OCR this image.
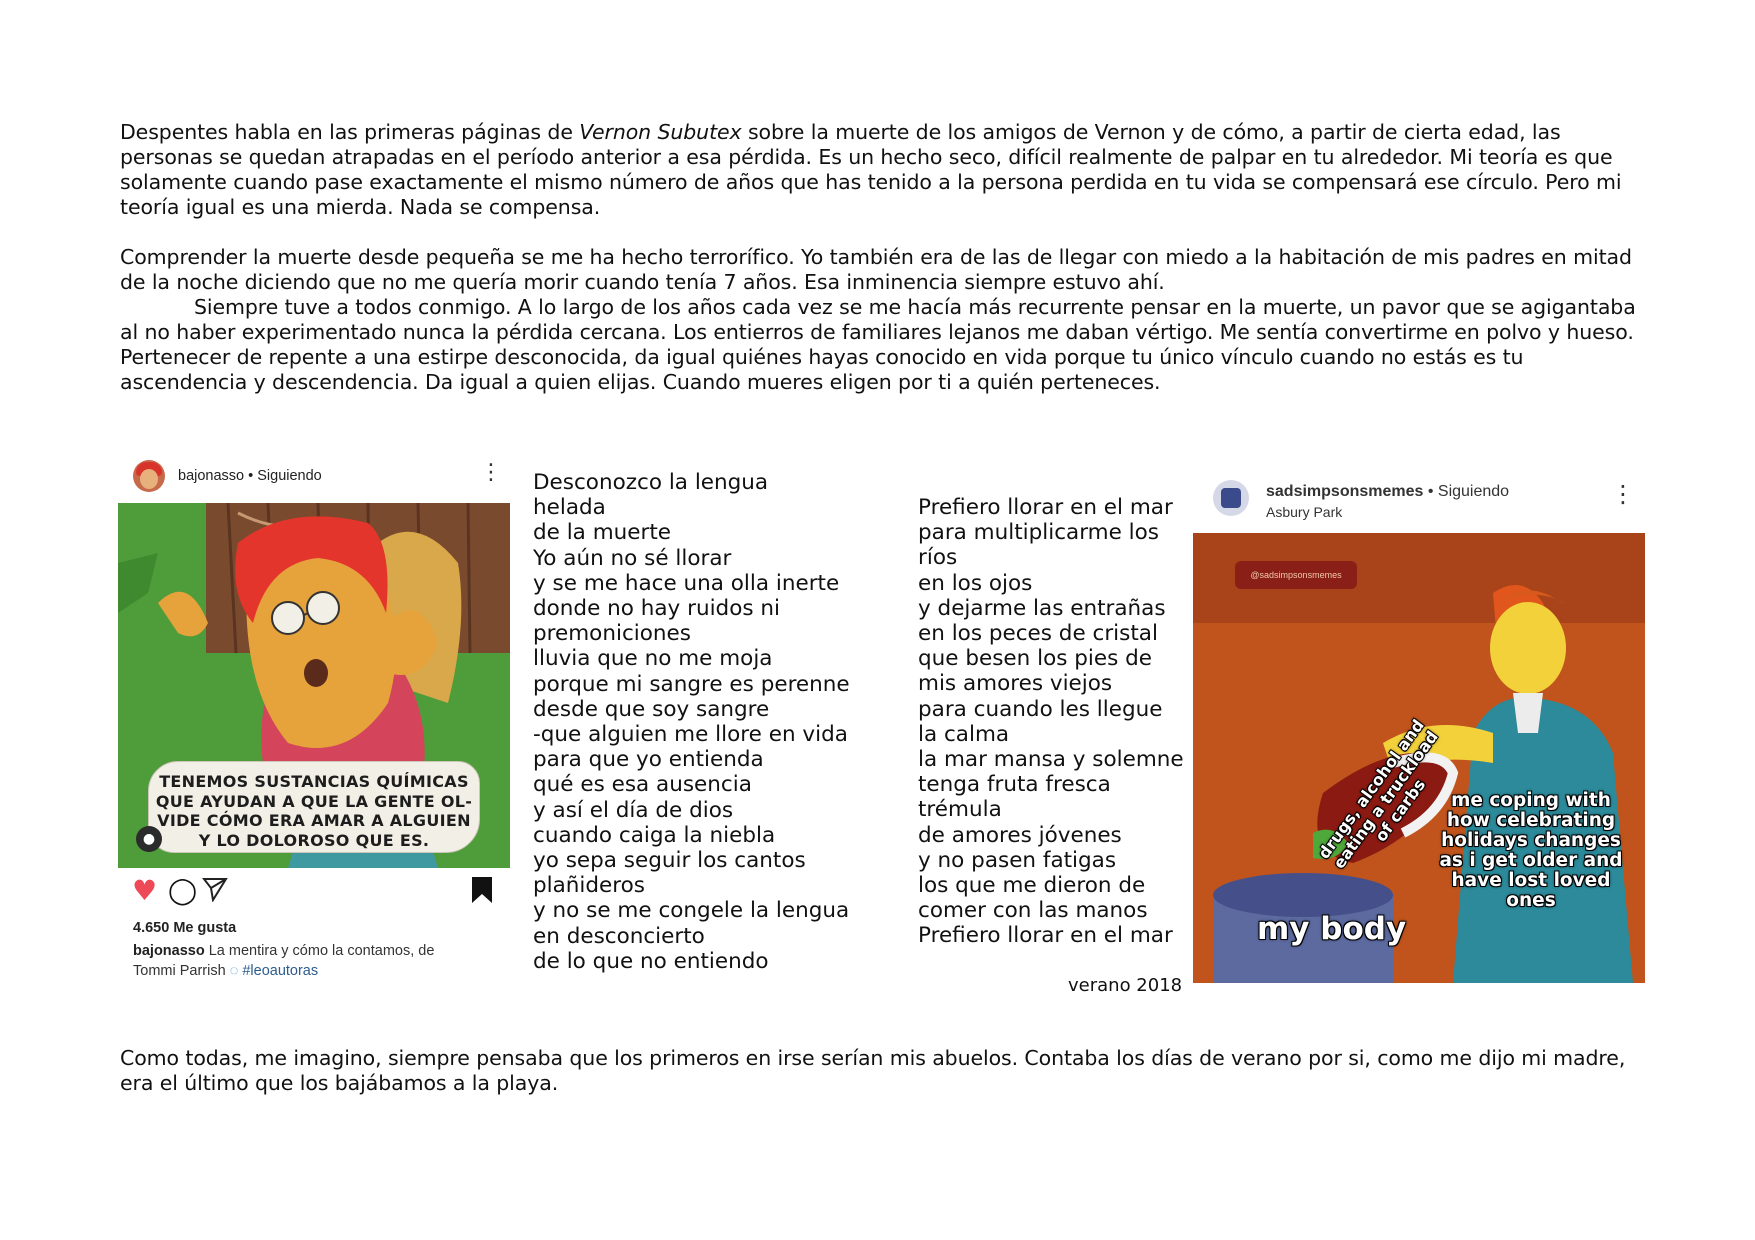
Despentes habla en las primeras páginas de Vernon Subutex sobre la muerte de los amigos de Vernon y de cómo, a partir de cierta edad, las personas se quedan atrapadas en el período anterior a esa pérdida. Es un hecho seco, difícil realmente de palpar en tu alrededor. Mi teoría es que solamente cuando pase exactamente el mismo número de años que has tenido a la persona perdida en tu vida se compensará ese círculo. Pero mi teoría igual es una mierda. Nada se compensa.

Comprender la muerte desde pequeña se me ha hecho terrorífico. Yo también era de las de llegar con miedo a la habitación de mis padres en mitad de la noche diciendo que no me quería morir cuando tenía 7 años. Esa inminencia siempre estuvo ahí.

Siempre tuve a todos conmigo. A lo largo de los años cada vez se me hacía más recurrente pensar en la muerte, un pavor que se agigantaba al no haber experimentado nunca la pérdida cercana. Los entierros de familiares lejanos me daban vértigo. Me sentía convertirme en polvo y hueso. Pertenecer de repente a una estirpe desconocida, da igual quiénes hayas conocido en vida porque tu único vínculo cuando no estás es tu ascendencia y descendencia. Da igual a quien elijas. Cuando mueres eligen por ti a quién perteneces.

bajonasso • Siguiendo	⋮
TENEMOS SUSTANCIAS QUÍMICAS
QUE AYUDAN A QUE LA GENTE OL-
VIDE CÓMO ERA AMAR A ALGUIEN
Y LO DOLOROSO QUE ES.
●
♥ ◯
4.650 Me gusta
bajonasso La mentira y cómo la contamos, de Tommi Parrish ◌ #leoautoras
Desconozco la lengua
helada
de la muerte
Yo aún no sé llorar
y se me hace una olla inerte
donde no hay ruidos ni
premoniciones
lluvia que no me moja
porque mi sangre es perenne
desde que soy sangre
-que alguien me llore en vida
para que yo entienda
qué es esa ausencia
y así el día de dios
cuando caiga la niebla
yo sepa seguir los cantos
plañideros
y no se me congele la lengua
en desconcierto
de lo que no entiendo
Prefiero llorar en el mar
para multiplicarme los
ríos
en los ojos
y dejarme las entrañas
en los peces de cristal
que besen los pies de
mis amores viejos
para cuando les llegue
la calma
la mar mansa y solemne
tenga fruta fresca
trémula
de amores jóvenes
y no pasen fatigas
los que me dieron de
comer con las manos
Prefiero llorar en el mar
verano 2018
sadsimpsonsmemes • Siguiendo
Asbury Park
⋮
@sadsimpsonsmemes
drugs, alcohol and eating a truckload of carbs	me coping with how celebrating holidays changes as i get older and have lost loved ones
my body

Como todas, me imagino, siempre pensaba que los primeros en irse serían mis abuelos. Contaba los días de verano por si, como me dijo mi madre, era el último que los bajábamos a la playa.
